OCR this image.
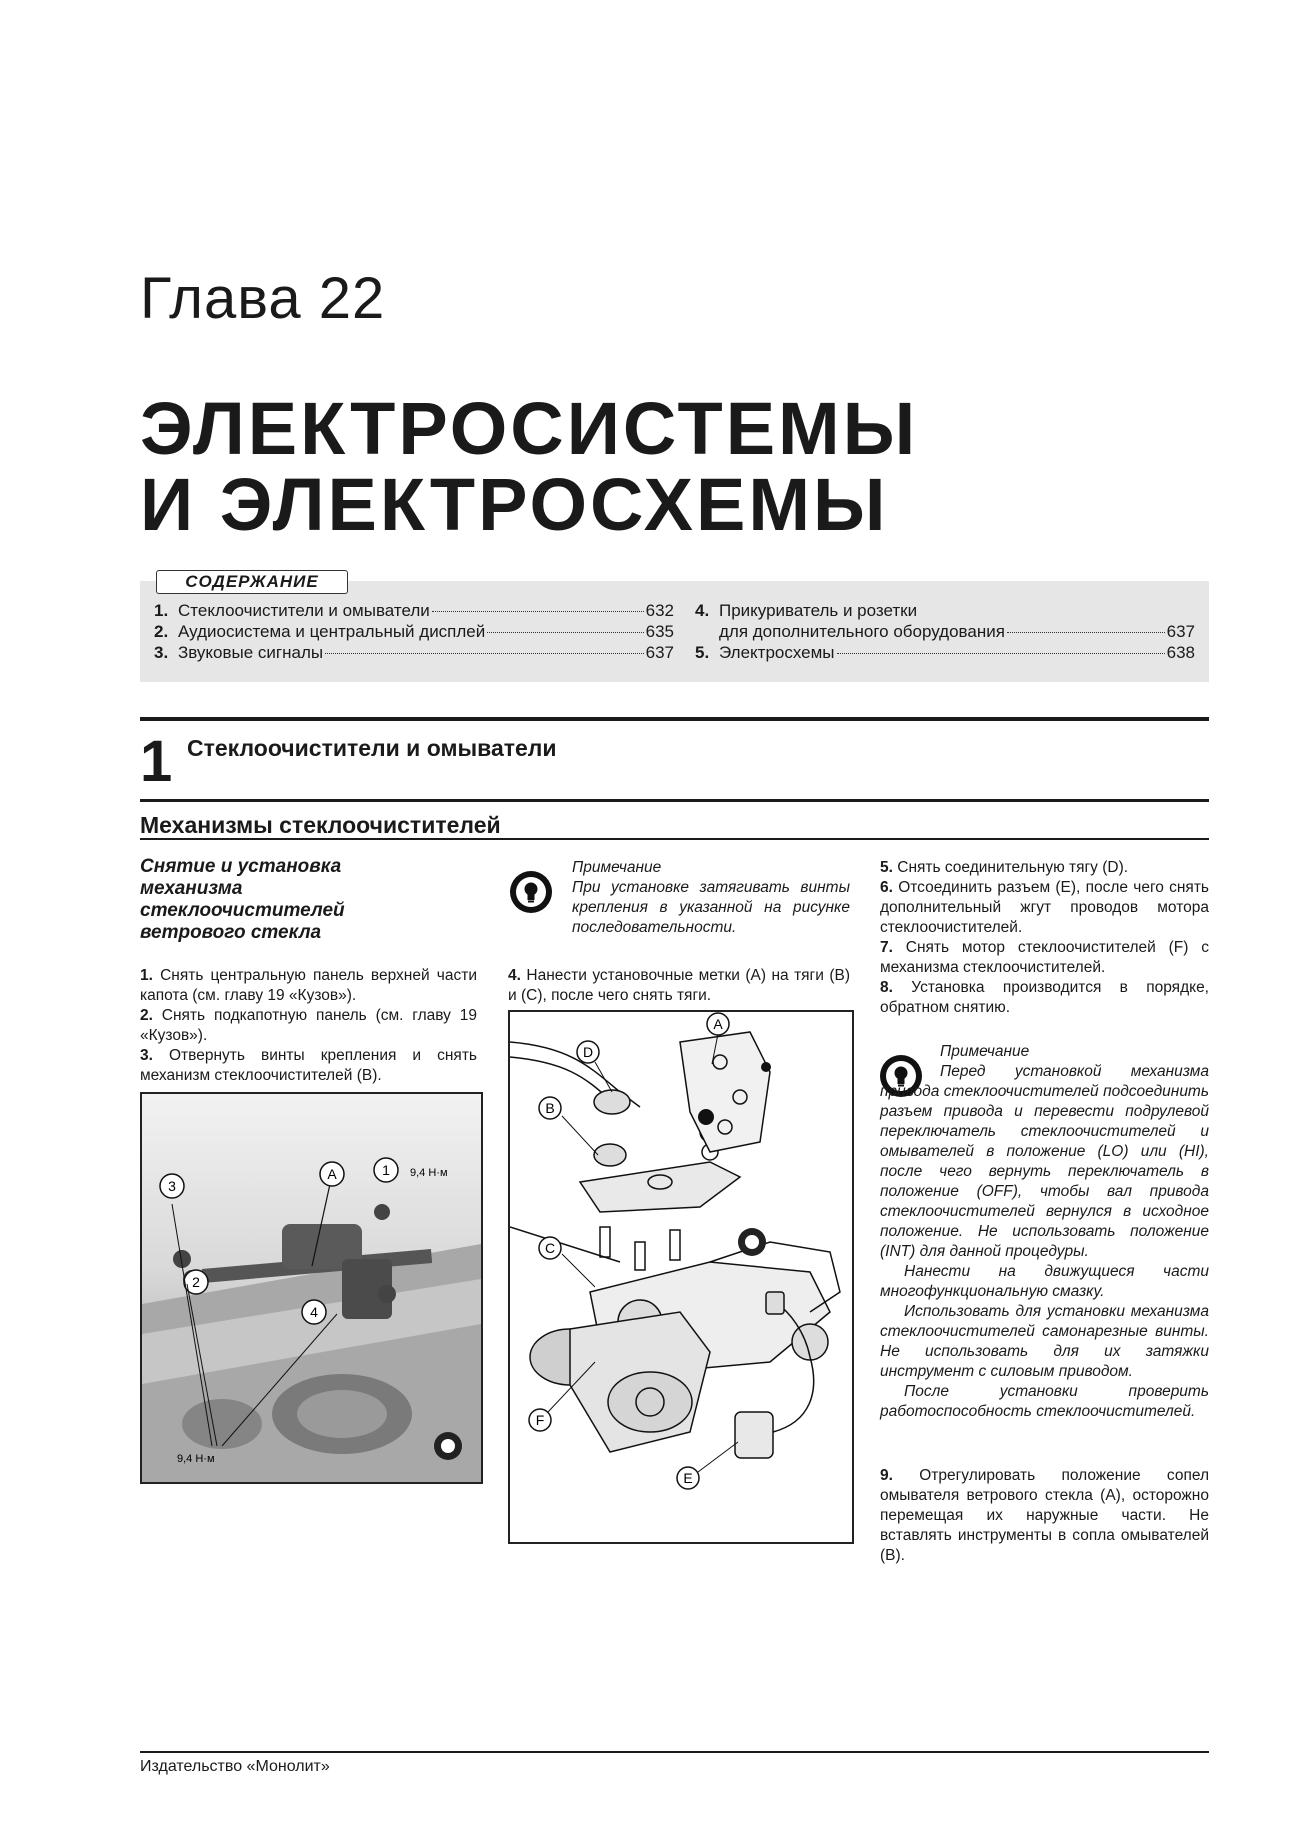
Глава 22
ЭЛЕКТРОСИСТЕМЫ
И ЭЛЕКТРОСХЕМЫ
1. Стеклоочистители и омыватели	632
2. Аудиосистема и центральный дисплей	635
3. Звуковые сигналы	637
4. Прикуриватель и розетки
для дополнительного оборудования	637
5. Электросхемы	638
СОДЕРЖАНИЕ
1 Стеклоочистители и омыватели
Механизмы стеклоочистителей
Снятие и установка
механизма
стеклоочистителей
ветрового стекла

1. Снять центральную панель верхней части капота (см. главу 19 «Кузов»).

2. Снять подкапотную панель (см. главу 19 «Кузов»).

3. Отвернуть винты крепления и снять механизм стеклоочистителей (B).

A	1 9,4 Н·м
3
2
4
9,4 Н·м
Примечание
При установке затягивать винты крепления в указанной на рисунке последовательности.

4. Нанести установочные метки (A) на тяги (B) и (C), после чего снять тяги.

A
B
C
D
E
F

5. Снять соединительную тягу (D).

6. Отсоединить разъем (E), после чего снять дополнительный жгут проводов мотора стеклоочистителей.

7. Снять мотор стеклоочистителей (F) с механизма стеклоочистителей.

8. Установка производится в порядке, обратном снятию.

Примечание
Перед установкой механизма привода стеклоочистителей подсоединить разъем привода и перевести подрулевой переключатель стеклоочистителей и омывателей в положение (LO) или (HI), после чего вернуть переключатель в положение (OFF), чтобы вал привода стеклоочистителей вернулся в исходное положение. Не использовать положение (INT) для данной процедуры.
Нанести на движущиеся части многофункциональную смазку.
Использовать для установки механизма стеклоочистителей самонарезные винты. Не использовать для их затяжки инструмент с силовым приводом.
После установки проверить работоспособность стеклоочистителей.

9. Отрегулировать положение сопел омывателя ветрового стекла (A), осторожно перемещая их наружные части. Не вставлять инструменты в сопла омывателей (B).

Издательство «Монолит»
